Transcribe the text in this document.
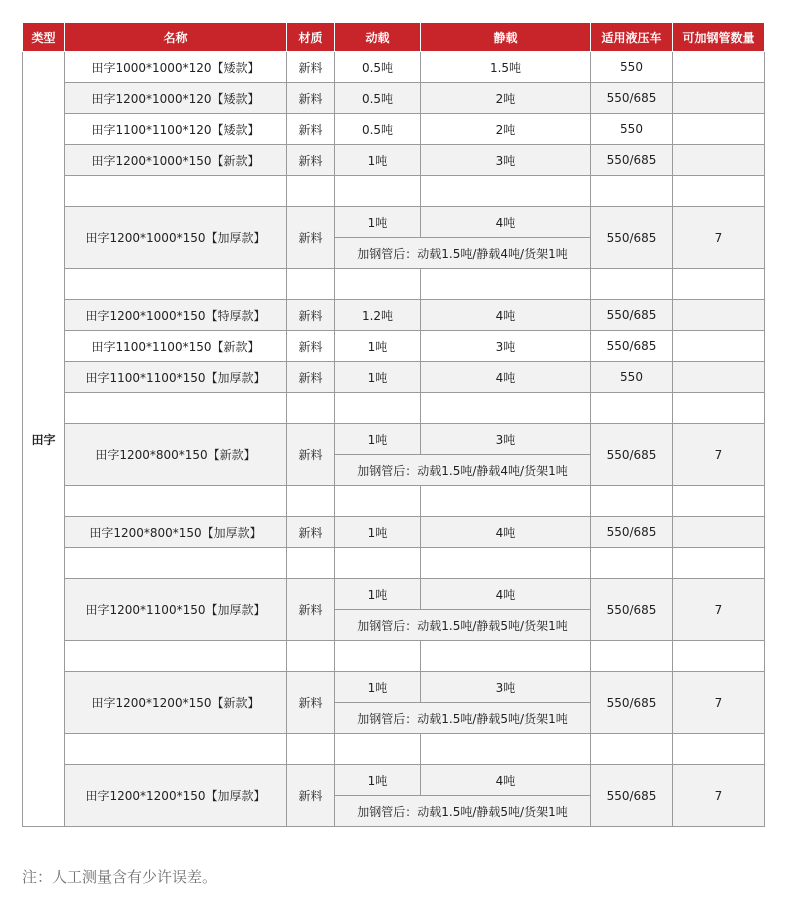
类型	名称	材质	动载	静载	适用液压车	可加钢管数量
田字	田字1000*1000*120【矮款】	新料	0.5吨	1.5吨	550	
	田字1200*1000*120【矮款】	新料	0.5吨	2吨	550/685	
	田字1100*1100*120【矮款】	新料	0.5吨	2吨	550	
	田字1200*1000*150【新款】	新料	1吨	3吨	550/685	

	田字1200*1000*150【加厚款】	新料	1吨	4吨	550/685	7
			加钢管后：动载1.5吨/静载4吨/货架1吨			

	田字1200*1000*150【特厚款】	新料	1.2吨	4吨	550/685	
	田字1100*1100*150【新款】	新料	1吨	3吨	550/685	
	田字1100*1100*150【加厚款】	新料	1吨	4吨	550	

	田字1200*800*150【新款】	新料	1吨	3吨	550/685	7
			加钢管后：动载1.5吨/静载4吨/货架1吨			

	田字1200*800*150【加厚款】	新料	1吨	4吨	550/685	

	田字1200*1100*150【加厚款】	新料	1吨	4吨	550/685	7
			加钢管后：动载1.5吨/静载5吨/货架1吨			

	田字1200*1200*150【新款】	新料	1吨	3吨	550/685	7
			加钢管后：动载1.5吨/静载5吨/货架1吨			

	田字1200*1200*150【加厚款】	新料	1吨	4吨	550/685	7
			加钢管后：动载1.5吨/静载5吨/货架1吨			
注：人工测量含有少许误差。
